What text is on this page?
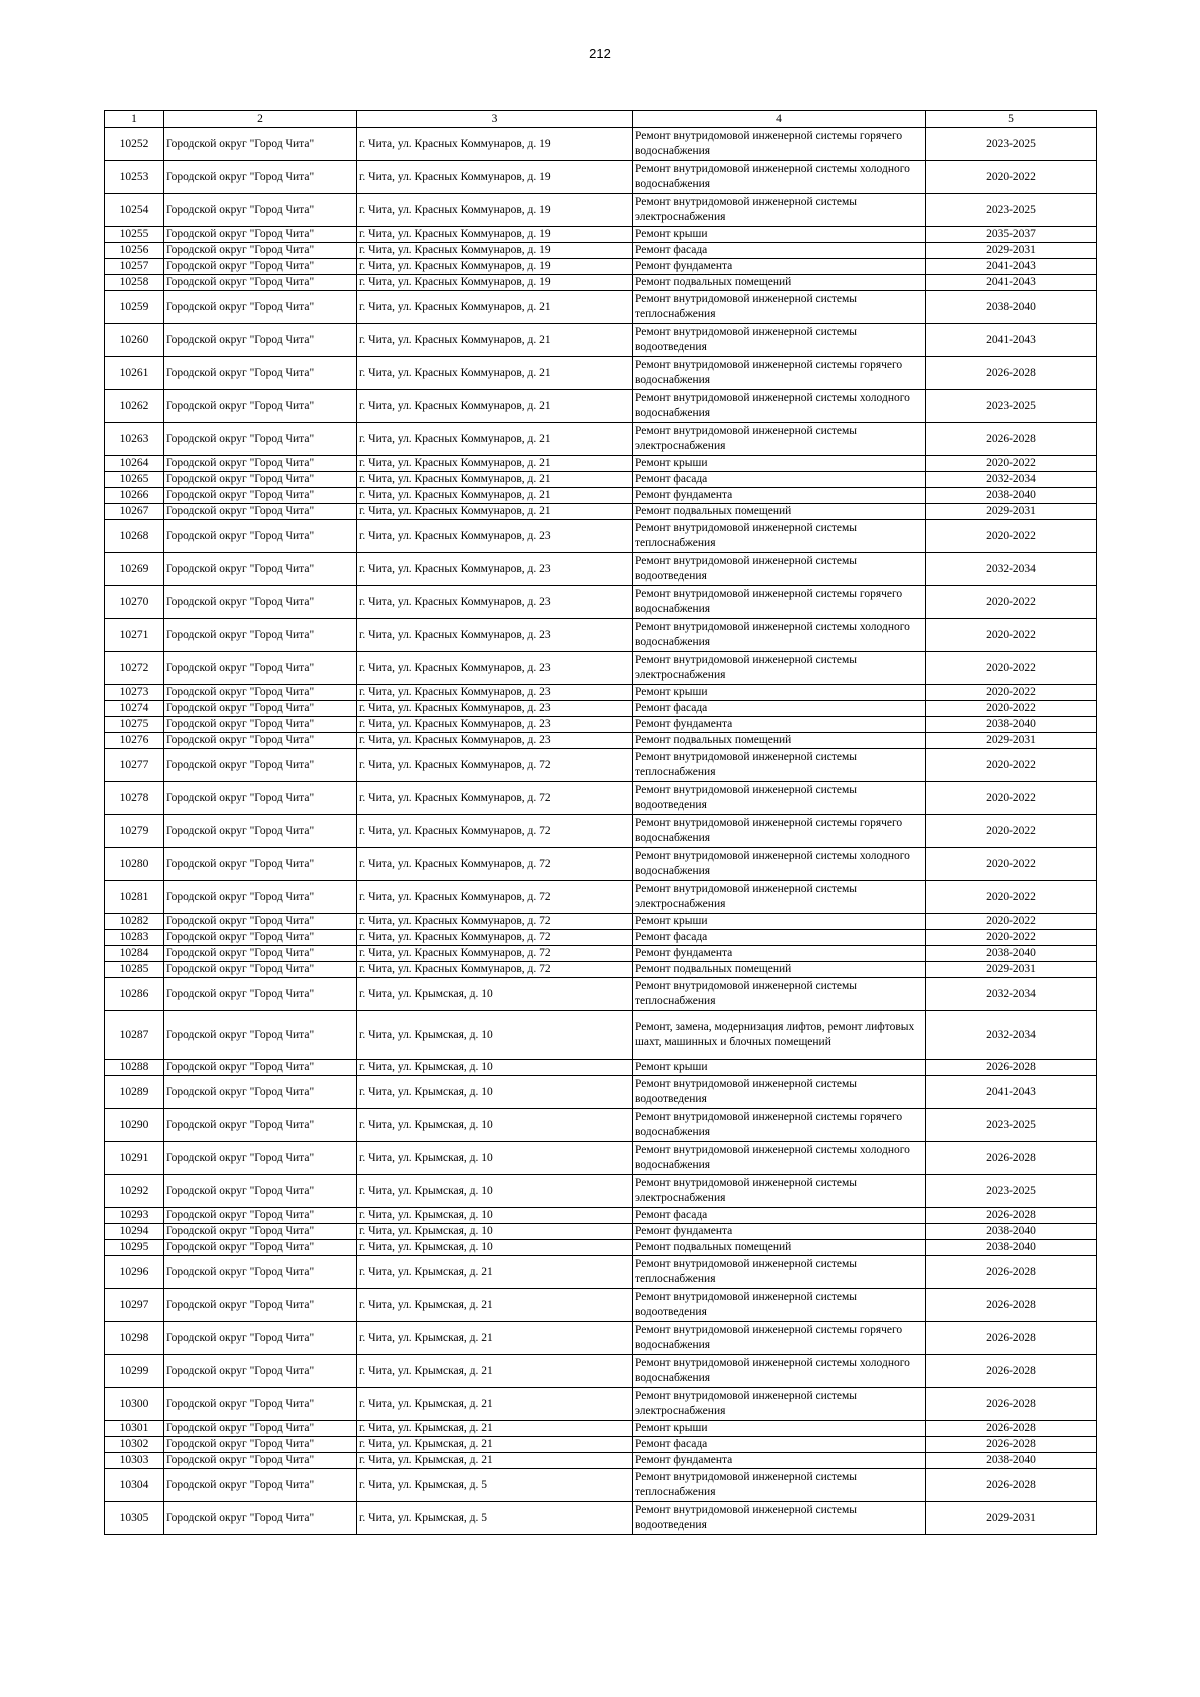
212
1	2	3	4	5
10252	Городской округ "Город Чита"	г. Чита, ул. Красных Коммунаров, д. 19	Ремонт внутридомовой инженерной системы горячего водоснабжения	2023-2025
10253	Городской округ "Город Чита"	г. Чита, ул. Красных Коммунаров, д. 19	Ремонт внутридомовой инженерной системы холодного водоснабжения	2020-2022
10254	Городской округ "Город Чита"	г. Чита, ул. Красных Коммунаров, д. 19	Ремонт внутридомовой инженерной системы электроснабжения	2023-2025
10255	Городской округ "Город Чита"	г. Чита, ул. Красных Коммунаров, д. 19	Ремонт крыши	2035-2037
10256	Городской округ "Город Чита"	г. Чита, ул. Красных Коммунаров, д. 19	Ремонт фасада	2029-2031
10257	Городской округ "Город Чита"	г. Чита, ул. Красных Коммунаров, д. 19	Ремонт фундамента	2041-2043
10258	Городской округ "Город Чита"	г. Чита, ул. Красных Коммунаров, д. 19	Ремонт подвальных помещений	2041-2043
10259	Городской округ "Город Чита"	г. Чита, ул. Красных Коммунаров, д. 21	Ремонт внутридомовой инженерной системы теплоснабжения	2038-2040
10260	Городской округ "Город Чита"	г. Чита, ул. Красных Коммунаров, д. 21	Ремонт внутридомовой инженерной системы водоотведения	2041-2043
10261	Городской округ "Город Чита"	г. Чита, ул. Красных Коммунаров, д. 21	Ремонт внутридомовой инженерной системы горячего водоснабжения	2026-2028
10262	Городской округ "Город Чита"	г. Чита, ул. Красных Коммунаров, д. 21	Ремонт внутридомовой инженерной системы холодного водоснабжения	2023-2025
10263	Городской округ "Город Чита"	г. Чита, ул. Красных Коммунаров, д. 21	Ремонт внутридомовой инженерной системы электроснабжения	2026-2028
10264	Городской округ "Город Чита"	г. Чита, ул. Красных Коммунаров, д. 21	Ремонт крыши	2020-2022
10265	Городской округ "Город Чита"	г. Чита, ул. Красных Коммунаров, д. 21	Ремонт фасада	2032-2034
10266	Городской округ "Город Чита"	г. Чита, ул. Красных Коммунаров, д. 21	Ремонт фундамента	2038-2040
10267	Городской округ "Город Чита"	г. Чита, ул. Красных Коммунаров, д. 21	Ремонт подвальных помещений	2029-2031
10268	Городской округ "Город Чита"	г. Чита, ул. Красных Коммунаров, д. 23	Ремонт внутридомовой инженерной системы теплоснабжения	2020-2022
10269	Городской округ "Город Чита"	г. Чита, ул. Красных Коммунаров, д. 23	Ремонт внутридомовой инженерной системы водоотведения	2032-2034
10270	Городской округ "Город Чита"	г. Чита, ул. Красных Коммунаров, д. 23	Ремонт внутридомовой инженерной системы горячего водоснабжения	2020-2022
10271	Городской округ "Город Чита"	г. Чита, ул. Красных Коммунаров, д. 23	Ремонт внутридомовой инженерной системы холодного водоснабжения	2020-2022
10272	Городской округ "Город Чита"	г. Чита, ул. Красных Коммунаров, д. 23	Ремонт внутридомовой инженерной системы электроснабжения	2020-2022
10273	Городской округ "Город Чита"	г. Чита, ул. Красных Коммунаров, д. 23	Ремонт крыши	2020-2022
10274	Городской округ "Город Чита"	г. Чита, ул. Красных Коммунаров, д. 23	Ремонт фасада	2020-2022
10275	Городской округ "Город Чита"	г. Чита, ул. Красных Коммунаров, д. 23	Ремонт фундамента	2038-2040
10276	Городской округ "Город Чита"	г. Чита, ул. Красных Коммунаров, д. 23	Ремонт подвальных помещений	2029-2031
10277	Городской округ "Город Чита"	г. Чита, ул. Красных Коммунаров, д. 72	Ремонт внутридомовой инженерной системы теплоснабжения	2020-2022
10278	Городской округ "Город Чита"	г. Чита, ул. Красных Коммунаров, д. 72	Ремонт внутридомовой инженерной системы водоотведения	2020-2022
10279	Городской округ "Город Чита"	г. Чита, ул. Красных Коммунаров, д. 72	Ремонт внутридомовой инженерной системы горячего водоснабжения	2020-2022
10280	Городской округ "Город Чита"	г. Чита, ул. Красных Коммунаров, д. 72	Ремонт внутридомовой инженерной системы холодного водоснабжения	2020-2022
10281	Городской округ "Город Чита"	г. Чита, ул. Красных Коммунаров, д. 72	Ремонт внутридомовой инженерной системы электроснабжения	2020-2022
10282	Городской округ "Город Чита"	г. Чита, ул. Красных Коммунаров, д. 72	Ремонт крыши	2020-2022
10283	Городской округ "Город Чита"	г. Чита, ул. Красных Коммунаров, д. 72	Ремонт фасада	2020-2022
10284	Городской округ "Город Чита"	г. Чита, ул. Красных Коммунаров, д. 72	Ремонт фундамента	2038-2040
10285	Городской округ "Город Чита"	г. Чита, ул. Красных Коммунаров, д. 72	Ремонт подвальных помещений	2029-2031
10286	Городской округ "Город Чита"	г. Чита, ул. Крымская, д. 10	Ремонт внутридомовой инженерной системы теплоснабжения	2032-2034
10287	Городской округ "Город Чита"	г. Чита, ул. Крымская, д. 10	Ремонт, замена, модернизация лифтов, ремонт лифтовых шахт, машинных и блочных помещений	2032-2034
10288	Городской округ "Город Чита"	г. Чита, ул. Крымская, д. 10	Ремонт крыши	2026-2028
10289	Городской округ "Город Чита"	г. Чита, ул. Крымская, д. 10	Ремонт внутридомовой инженерной системы водоотведения	2041-2043
10290	Городской округ "Город Чита"	г. Чита, ул. Крымская, д. 10	Ремонт внутридомовой инженерной системы горячего водоснабжения	2023-2025
10291	Городской округ "Город Чита"	г. Чита, ул. Крымская, д. 10	Ремонт внутридомовой инженерной системы холодного водоснабжения	2026-2028
10292	Городской округ "Город Чита"	г. Чита, ул. Крымская, д. 10	Ремонт внутридомовой инженерной системы электроснабжения	2023-2025
10293	Городской округ "Город Чита"	г. Чита, ул. Крымская, д. 10	Ремонт фасада	2026-2028
10294	Городской округ "Город Чита"	г. Чита, ул. Крымская, д. 10	Ремонт фундамента	2038-2040
10295	Городской округ "Город Чита"	г. Чита, ул. Крымская, д. 10	Ремонт подвальных помещений	2038-2040
10296	Городской округ "Город Чита"	г. Чита, ул. Крымская, д. 21	Ремонт внутридомовой инженерной системы теплоснабжения	2026-2028
10297	Городской округ "Город Чита"	г. Чита, ул. Крымская, д. 21	Ремонт внутридомовой инженерной системы водоотведения	2026-2028
10298	Городской округ "Город Чита"	г. Чита, ул. Крымская, д. 21	Ремонт внутридомовой инженерной системы горячего водоснабжения	2026-2028
10299	Городской округ "Город Чита"	г. Чита, ул. Крымская, д. 21	Ремонт внутридомовой инженерной системы холодного водоснабжения	2026-2028
10300	Городской округ "Город Чита"	г. Чита, ул. Крымская, д. 21	Ремонт внутридомовой инженерной системы электроснабжения	2026-2028
10301	Городской округ "Город Чита"	г. Чита, ул. Крымская, д. 21	Ремонт крыши	2026-2028
10302	Городской округ "Город Чита"	г. Чита, ул. Крымская, д. 21	Ремонт фасада	2026-2028
10303	Городской округ "Город Чита"	г. Чита, ул. Крымская, д. 21	Ремонт фундамента	2038-2040
10304	Городской округ "Город Чита"	г. Чита, ул. Крымская, д. 5	Ремонт внутридомовой инженерной системы теплоснабжения	2026-2028
10305	Городской округ "Город Чита"	г. Чита, ул. Крымская, д. 5	Ремонт внутридомовой инженерной системы водоотведения	2029-2031
